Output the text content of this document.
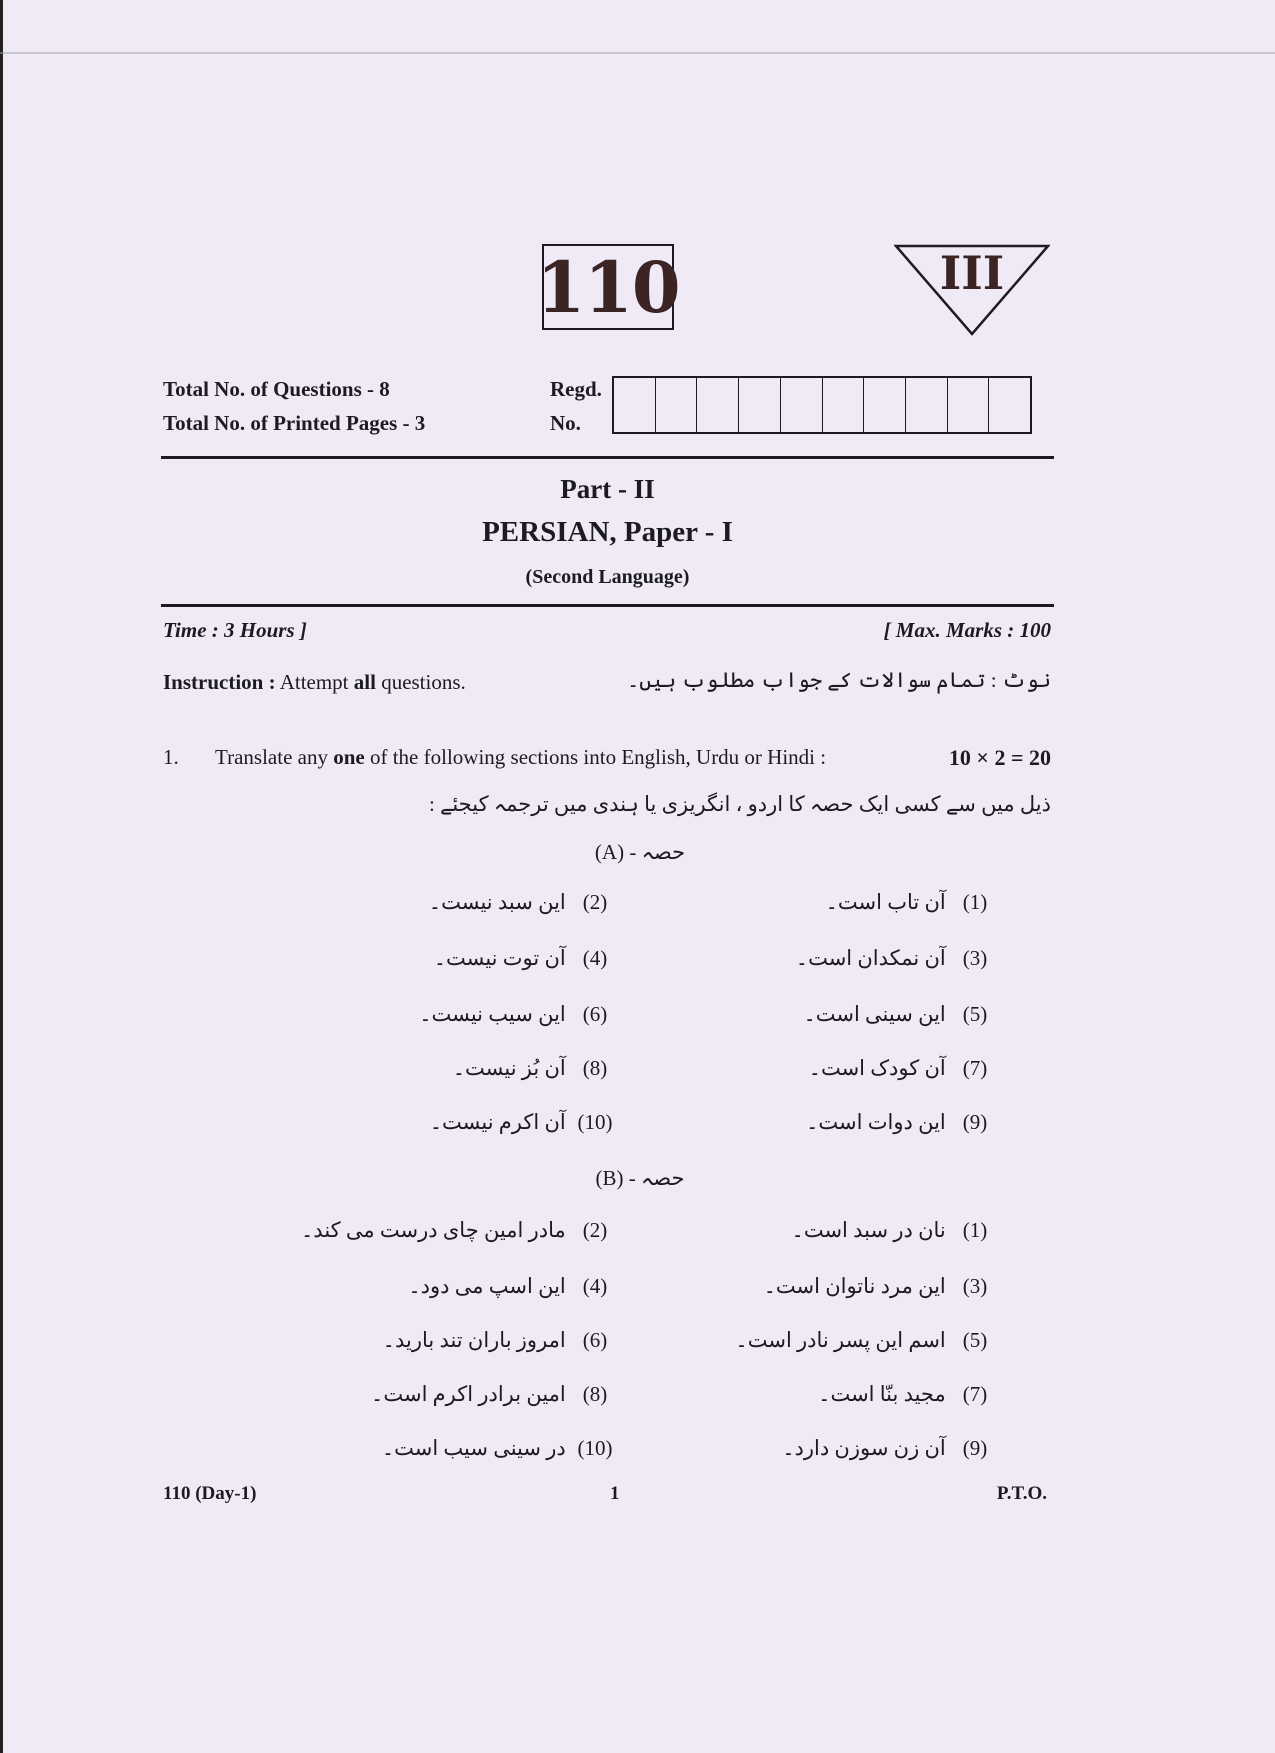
110	III
Total No. of Questions - 8
Total No. of Printed Pages - 3
Regd.
No.
Part - II
PERSIAN, Paper - I
(Second Language)
Time : 3 Hours ]	[ Max. Marks : 100
Instruction : Attempt all questions.	نوٹ : تمام سوالات کے جواب مطلوب ہیں۔
1. Translate any one of the following sections into English, Urdu or Hindi :	10 × 2 = 20
ذیل میں سے کسی ایک حصہ کا اردو ، انگریزی یا ہندی میں ترجمہ کیجئے :
حصہ - (A)
(1) آن تاب است۔
(2) این سبد نیست۔
(3) آن نمکدان است۔
(4) آن توت نیست۔
(5) این سینی است۔
(6) این سیب نیست۔
(7) آن کودک است۔
(8) آن بُز نیست۔
(9) این دوات است۔
(10) آن اکرم نیست۔
حصہ - (B)
(1) نان در سبد است۔
(2) مادر امین چای درست می کند۔
(3) این مرد ناتوان است۔
(4) این اسپ می دود۔
(5) اسم این پسر نادر است۔
(6) امروز باران تند بارید۔
(7) مجید بنّا است۔
(8) امین برادر اکرم است۔
(9) آن زن سوزن دارد۔
(10) در سینی سیب است۔
110 (Day-1)	1	P.T.O.
